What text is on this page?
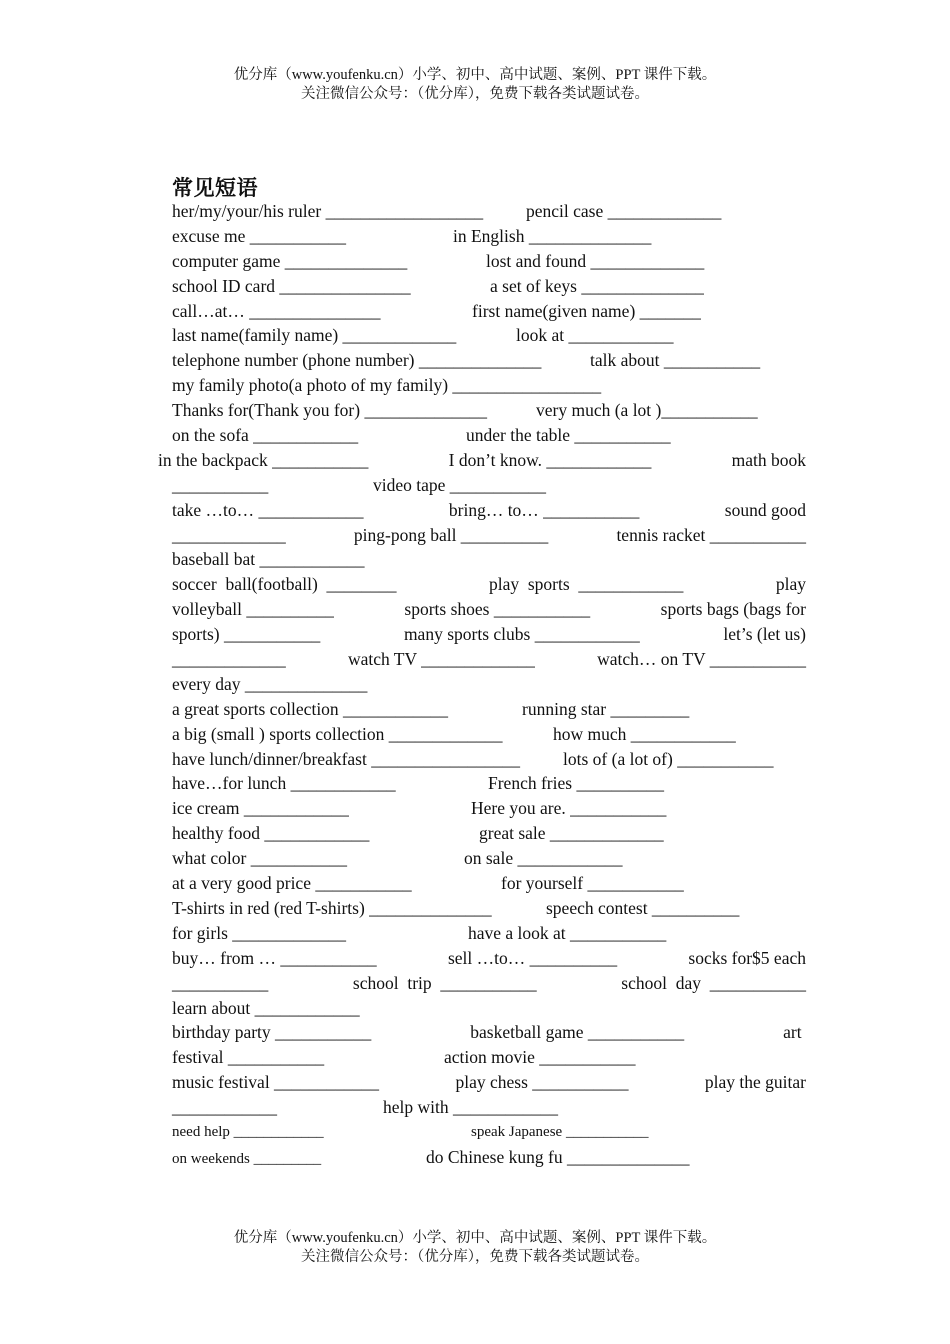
优分库（www.youfenku.cn）小学、初中、高中试题、案例、PPT 课件下载。
关注微信公众号：（优分库），免费下载各类试题试卷。
常见短语
her/my/your/his ruler __________________ pencil case _____________
excuse me ___________	in English ______________
computer game ______________	lost and found _____________
school ID card _______________	a set of keys ______________
call…at… _______________	first name(given name) _______
last name(family name) _____________	look at ____________
telephone number (phone number) ______________	talk about ___________
my family photo(a photo of my family) _________________
Thanks for(Thank you for) ______________	very much (a lot )___________
on the sofa ____________	under the table ___________
in the backpack ___________	I don’t know. ____________	math book
___________	video tape ___________
take …to… ____________	bring… to… ___________	sound good
_____________	ping-pong ball __________	tennis racket ___________
baseball bat ____________
soccer  ball(football)  ________	play  sports  ____________	play
volleyball __________	sports shoes ___________	sports bags (bags for
sports) ___________	many sports clubs ____________	let’s (let us)
_____________	watch TV _____________	watch… on TV ___________
every day ______________
a great sports collection ____________	running star _________
a big (small ) sports collection _____________	how much ____________
have lunch/dinner/breakfast _________________ lots of (a lot of) ___________
have…for lunch ____________	French fries __________
ice cream ____________	Here you are. ___________
healthy food ____________	great sale _____________
what color ___________	on sale ____________
at a very good price ___________	for yourself ___________
T-shirts in red (red T-shirts) ______________	speech contest __________
for girls _____________	have a look at ___________
buy… from … ___________	sell …to… __________	socks for$5 each
___________	school  trip  ___________	school  day  ___________
learn about ____________
birthday party ___________	basketball game ___________	art
festival ___________	action movie ___________
music festival ____________	play chess ___________	play the guitar
____________	help with ____________
need help ____________	speak Japanese ___________
on weekends _________	do Chinese kung fu ______________
优分库（www.youfenku.cn）小学、初中、高中试题、案例、PPT 课件下载。
关注微信公众号：（优分库），免费下载各类试题试卷。
